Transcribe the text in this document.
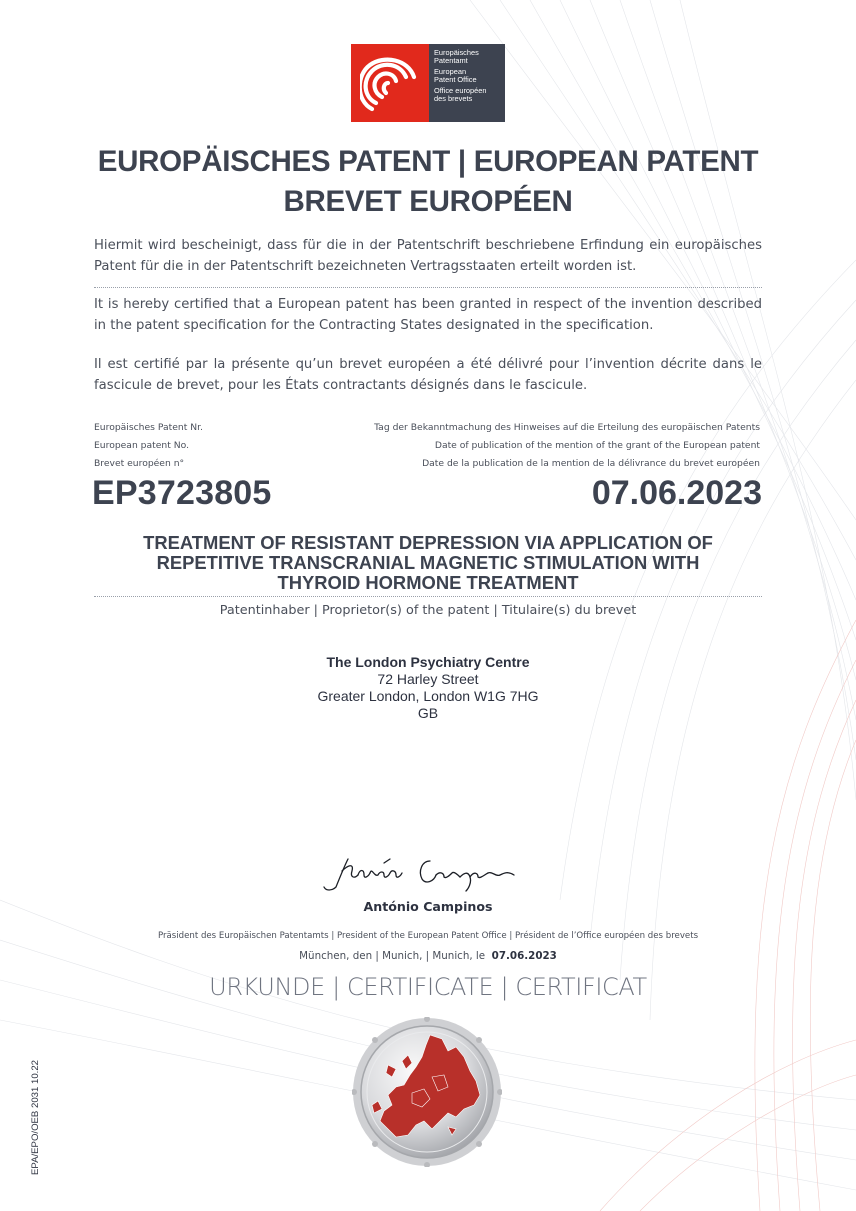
Europäisches
Patentamt
European
Patent Office
Office européen
des brevets
EUROPÄISCHES PATENT | EUROPEAN PATENT
BREVET EUROPÉEN
Hiermit wird bescheinigt, dass für die in der Patentschrift beschriebene Erfindung ein europäisches Patent für die in der Patentschrift bezeichneten Vertragsstaaten erteilt worden ist.
It is hereby certified that a European patent has been granted in respect of the invention described in the patent specification for the Contracting States designated in the specification.
Il est certifié par la présente qu’un brevet européen a été délivré pour l’invention décrite dans le fascicule de brevet, pour les États contractants désignés dans le fascicule.
Europäisches Patent Nr.
European patent No.
Brevet européen n°
Tag der Bekanntmachung des Hinweises auf die Erteilung des europäischen Patents
Date of publication of the mention of the grant of the European patent
Date de la publication de la mention de la délivrance du brevet européen
EP3723805	07.06.2023
TREATMENT OF RESISTANT DEPRESSION VIA APPLICATION OF
REPETITIVE TRANSCRANIAL MAGNETIC STIMULATION WITH
THYROID HORMONE TREATMENT
Patentinhaber | Proprietor(s) of the patent | Titulaire(s) du brevet
The London Psychiatry Centre
72 Harley Street
Greater London, London W1G 7HG
GB
António Campinos
Präsident des Europäischen Patentamts | President of the European Patent Office | Président de l’Office européen des brevets
München, den | Munich, | Munich, le 07.06.2023
URKUNDE | CERTIFICATE | CERTIFICAT
EPA/EPO/OEB 2031 10.22
